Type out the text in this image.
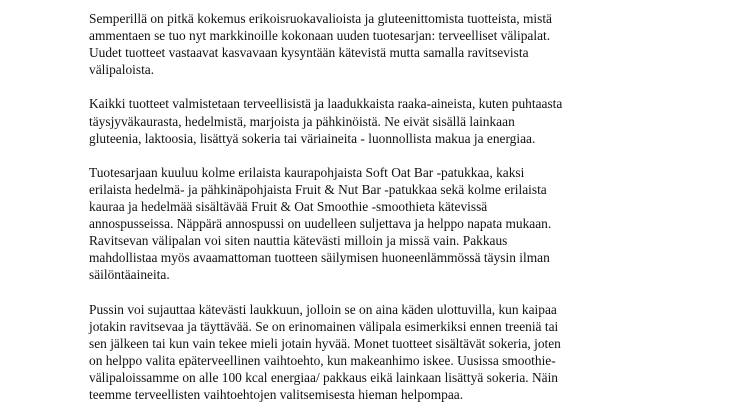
Semperillä on pitkä kokemus erikoisruokavalioista ja gluteenittomista tuotteista, mistä
ammentaen se tuo nyt markkinoille kokonaan uuden tuotesarjan: terveelliset välipalat.
Uudet tuotteet vastaavat kasvavaan kysyntään kätevistä mutta samalla ravitsevista
välipaloista.

Kaikki tuotteet valmistetaan terveellisistä ja laadukkaista raaka-aineista, kuten puhtaasta
täysjyväkaurasta, hedelmistä, marjoista ja pähkinöistä. Ne eivät sisällä lainkaan
gluteenia, laktoosia, lisättyä sokeria tai väriaineita - luonnollista makua ja energiaa.

Tuotesarjaan kuuluu kolme erilaista kaurapohjaista Soft Oat Bar -patukkaa, kaksi
erilaista hedelmä- ja pähkinäpohjaista Fruit & Nut Bar -patukkaa sekä kolme erilaista
kauraa ja hedelmää sisältävää Fruit & Oat Smoothie -smoothieta kätevissä
annospusseissa. Näppärä annospussi on uudelleen suljettava ja helppo napata mukaan.
Ravitsevan välipalan voi siten nauttia kätevästi milloin ja missä vain. Pakkaus
mahdollistaa myös avaamattoman tuotteen säilymisen huoneenlämmössä täysin ilman
säilöntäaineita.

Pussin voi sujauttaa kätevästi laukkuun, jolloin se on aina käden ulottuvilla, kun kaipaa
jotakin ravitsevaa ja täyttävää. Se on erinomainen välipala esimerkiksi ennen treeniä tai
sen jälkeen tai kun vain tekee mieli jotain hyvää. Monet tuotteet sisältävät sokeria, joten
on helppo valita epäterveellinen vaihtoehto, kun makeanhimo iskee. Uusissa smoothie-
välipaloissamme on alle 100 kcal energiaa/ pakkaus eikä lainkaan lisättyä sokeria. Näin
teemme terveellisten vaihtoehtojen valitsemisesta hieman helpompaa.
